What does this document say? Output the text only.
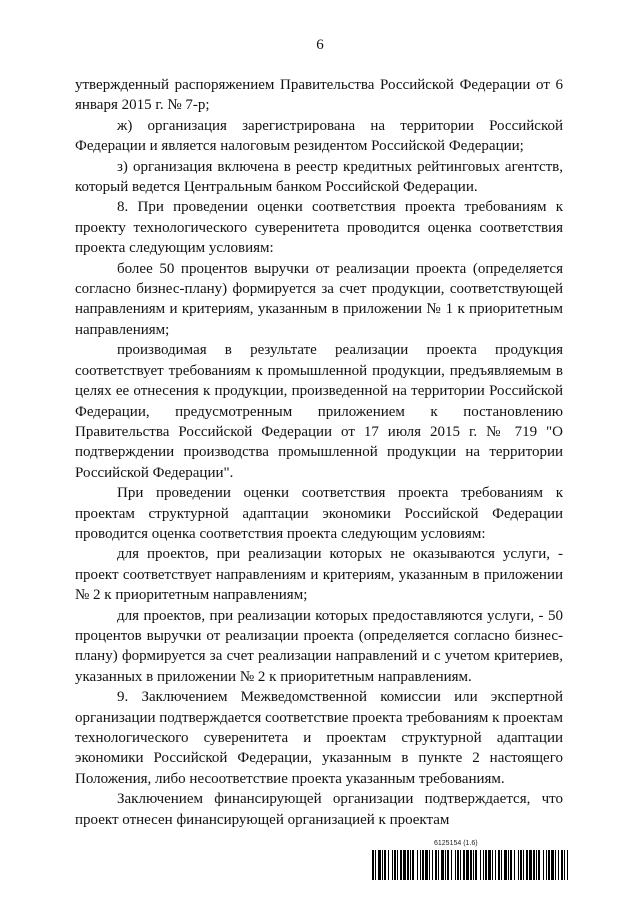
6

утвержденный распоряжением Правительства Российской Федерации от 6 января 2015 г. № 7-р;

ж) организация зарегистрирована на территории Российской Федерации и является налоговым резидентом Российской Федерации;

з) организация включена в реестр кредитных рейтинговых агентств, который ведется Центральным банком Российской Федерации.

8. При проведении оценки соответствия проекта требованиям к проекту технологического суверенитета проводится оценка соответствия проекта следующим условиям:

более 50 процентов выручки от реализации проекта (определяется согласно бизнес-плану) формируется за счет продукции, соответствующей направлениям и критериям, указанным в приложении № 1 к приоритетным направлениям;

производимая в результате реализации проекта продукция соответствует требованиям к промышленной продукции, предъявляемым в целях ее отнесения к продукции, произведенной на территории Российской Федерации, предусмотренным приложением к постановлению Правительства Российской Федерации от 17 июля 2015 г. № 719 "О подтверждении производства промышленной продукции на территории Российской Федерации".

При проведении оценки соответствия проекта требованиям к проектам структурной адаптации экономики Российской Федерации проводится оценка соответствия проекта следующим условиям:

для проектов, при реализации которых не оказываются услуги, - проект соответствует направлениям и критериям, указанным в приложении № 2 к приоритетным направлениям;

для проектов, при реализации которых предоставляются услуги, - 50 процентов выручки от реализации проекта (определяется согласно бизнес-плану) формируется за счет реализации направлений и с учетом критериев, указанных в приложении № 2 к приоритетным направлениям.

9. Заключением Межведомственной комиссии или экспертной организации подтверждается соответствие проекта требованиям к проектам технологического суверенитета и проектам структурной адаптации экономики Российской Федерации, указанным в пункте 2 настоящего Положения, либо несоответствие проекта указанным требованиям.

Заключением финансирующей организации подтверждается, что проект отнесен финансирующей организацией к проектам

6125154 (1.6)
